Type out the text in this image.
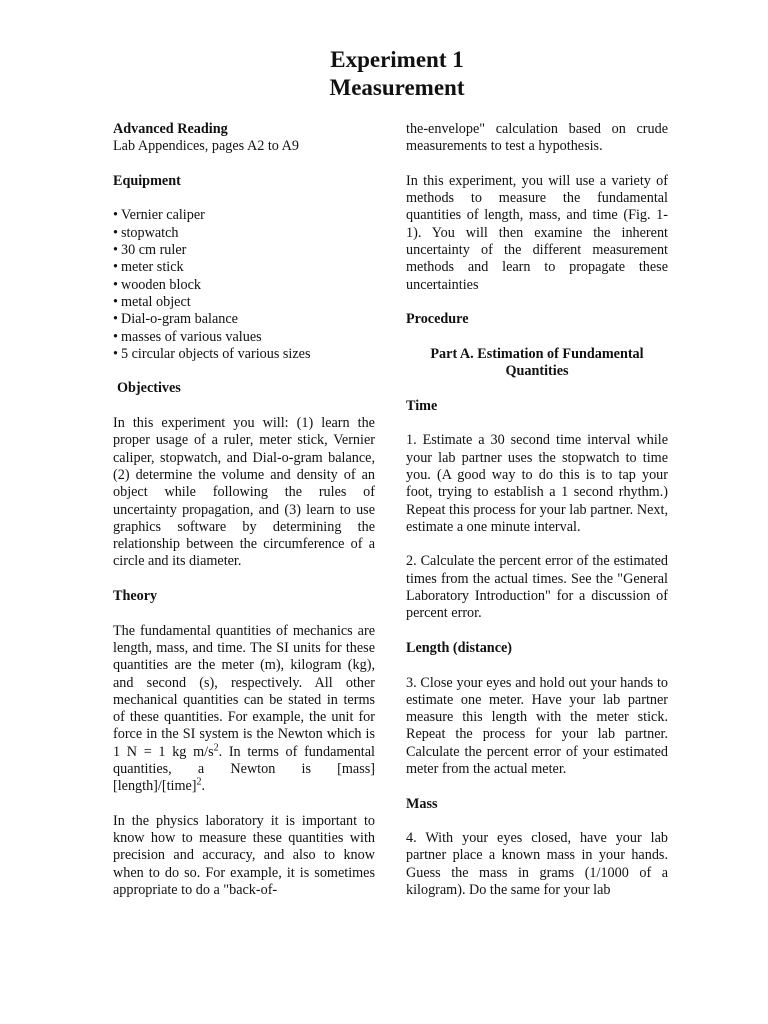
Experiment 1
Measurement

Advanced Reading

Lab Appendices, pages A2 to A9

Equipment

• Vernier caliper
• stopwatch
• 30 cm ruler
• meter stick
• wooden block
• metal object
• Dial-o-gram balance
• masses of various values
• 5 circular objects of various sizes

Objectives

In this experiment you will: (1) learn the proper usage of a ruler, meter stick, Vernier caliper, stopwatch, and Dial-o-gram balance, (2) determine the volume and density of an object while following the rules of uncertainty propagation, and (3) learn to use graphics software by determining the relationship between the circumference of a circle and its diameter.

Theory

The fundamental quantities of mechanics are length, mass, and time. The SI units for these quantities are the meter (m), kilogram (kg), and second (s), respectively. All other mechanical quantities can be stated in terms of these quantities. For example, the unit for force in the SI system is the Newton which is 1 N = 1 kg $m/s^2$. In terms of fundamental quantities, a Newton is [mass][length]/[time]$^2$.

In the physics laboratory it is important to know how to measure these quantities with precision and accuracy, and also to know when to do so. For example, it is sometimes appropriate to do a "back-of-

the-envelope" calculation based on crude measurements to test a hypothesis.

In this experiment, you will use a variety of methods to measure the fundamental quantities of length, mass, and time (Fig. 1-1). You will then examine the inherent uncertainty of the different measurement methods and learn to propagate these uncertainties

Procedure

Part A. Estimation of Fundamental

Quantities

Time

1. Estimate a 30 second time interval while your lab partner uses the stopwatch to time you. (A good way to do this is to tap your foot, trying to establish a 1 second rhythm.) Repeat this process for your lab partner. Next, estimate a one minute interval.

2. Calculate the percent error of the estimated times from the actual times. See the "General Laboratory Introduction" for a discussion of percent error.

Length (distance)

3. Close your eyes and hold out your hands to estimate one meter. Have your lab partner measure this length with the meter stick. Repeat the process for your lab partner. Calculate the percent error of your estimated meter from the actual meter.

Mass

4. With your eyes closed, have your lab partner place a known mass in your hands. Guess the mass in grams (1/1000 of a kilogram). Do the same for your lab
